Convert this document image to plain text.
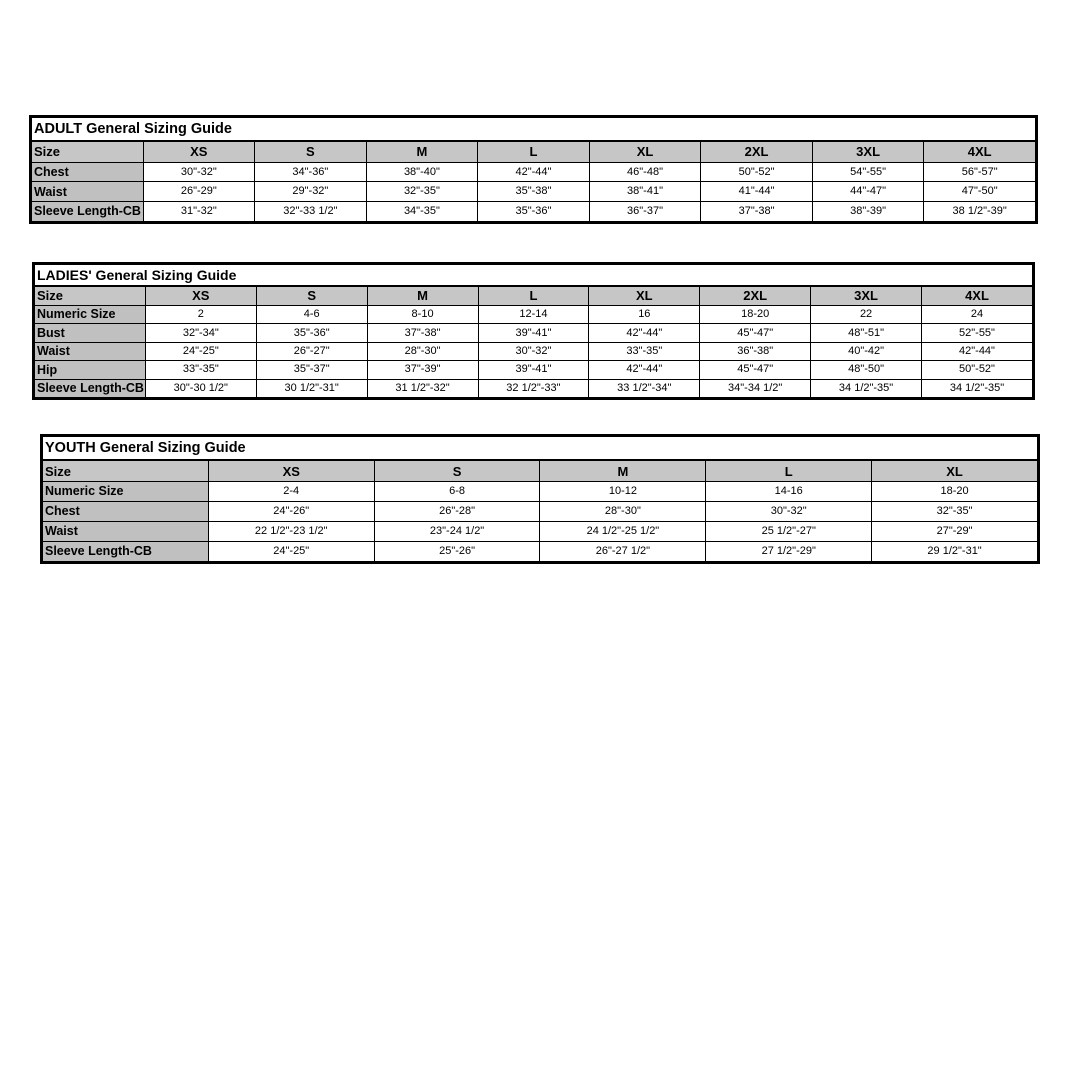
ADULT General Sizing Guide								
Size	XS	S	M	L	XL	2XL	3XL	4XL
Chest	30"-32"	34"-36"	38"-40"	42"-44"	46"-48"	50"-52"	54"-55"	56"-57"
Waist	26"-29"	29"-32"	32"-35"	35"-38"	38"-41"	41"-44"	44"-47"	47"-50"
Sleeve Length-CB	31"-32"	32"-33 1/2"	34"-35"	35"-36"	36"-37"	37"-38"	38"-39"	38 1/2"-39"
LADIES' General Sizing Guide								
Size	XS	S	M	L	XL	2XL	3XL	4XL
Numeric Size	2	4-6	8-10	12-14	16	18-20	22	24
Bust	32"-34"	35"-36"	37"-38"	39"-41"	42"-44"	45"-47"	48"-51"	52"-55"
Waist	24"-25"	26"-27"	28"-30"	30"-32"	33"-35"	36"-38"	40"-42"	42"-44"
Hip	33"-35"	35"-37"	37"-39"	39"-41"	42"-44"	45"-47"	48"-50"	50"-52"
Sleeve Length-CB	30"-30 1/2"	30 1/2"-31"	31 1/2"-32"	32 1/2"-33"	33 1/2"-34"	34"-34 1/2"	34 1/2"-35"	34 1/2"-35"
YOUTH General Sizing Guide					
Size	XS	S	M	L	XL
Numeric Size	2-4	6-8	10-12	14-16	18-20
Chest	24"-26"	26"-28"	28"-30"	30"-32"	32"-35"
Waist	22 1/2"-23 1/2"	23"-24 1/2"	24 1/2"-25 1/2"	25 1/2"-27"	27"-29"
Sleeve Length-CB	24"-25"	25"-26"	26"-27 1/2"	27 1/2"-29"	29 1/2"-31"
